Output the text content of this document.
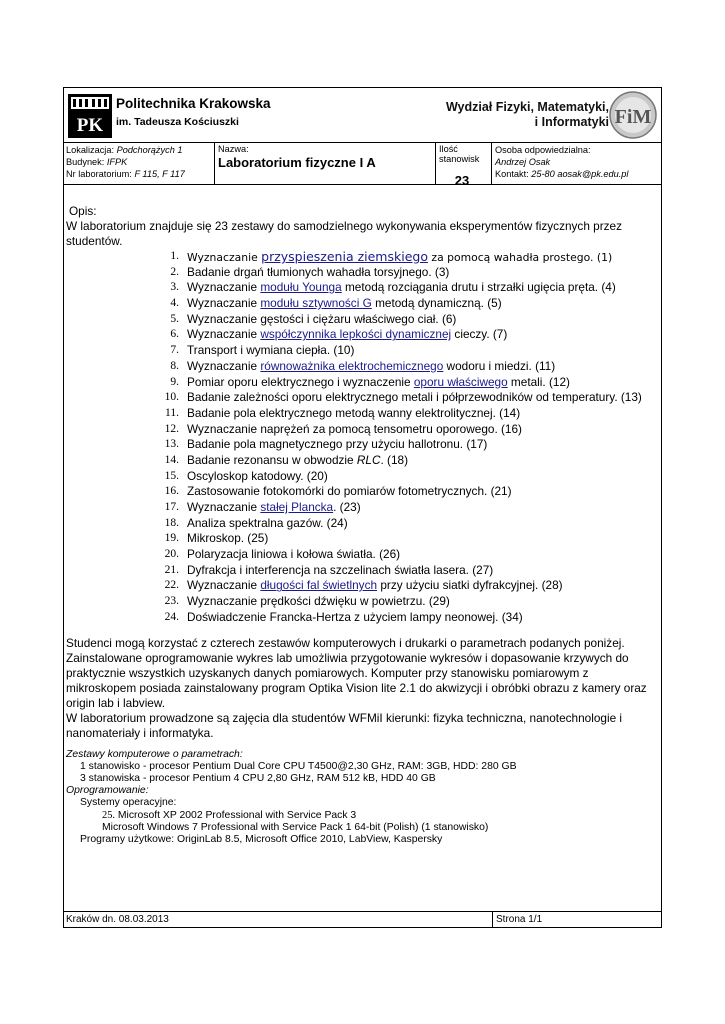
PK
Politechnika Krakowska
im. Tadeusza Kościuszki
Wydział Fizyki, Matematyki,
i Informatyki FiM
Lokalizacja: Podchorążych 1
Budynek: IFPK
Nr laboratorium: F 115, F 117
Nazwa:
Laboratorium fizyczne I A
Ilość stanowisk
23
Osoba odpowiedzialna:
Andrzej Osak
Kontakt: 25-80 aosak@pk.edu.pl
Opis:
W laboratorium znajduje się 23 zestawy do samodzielnego wykonywania eksperymentów fizycznych przez studentów.
1. Wyznaczanie przyspieszenia ziemskiego za pomocą wahadła prostego. (1)
2. Badanie drgań tłumionych wahadła torsyjnego. (3)
3. Wyznaczanie modułu Younga metodą rozciągania drutu i strzałki ugięcia pręta. (4)
4. Wyznaczanie modułu sztywności G metodą dynamiczną. (5)
5. Wyznaczanie gęstości i ciężaru właściwego ciał. (6)
6. Wyznaczanie współczynnika lepkości dynamicznej cieczy. (7)
7. Transport i wymiana ciepła. (10)
8. Wyznaczanie równoważnika elektrochemicznego wodoru i miedzi. (11)
9. Pomiar oporu elektrycznego i wyznaczenie oporu właściwego metali. (12)
10. Badanie zależności oporu elektrycznego metali i półprzewodników od temperatury. (13)
11. Badanie pola elektrycznego metodą wanny elektrolitycznej. (14)
12. Wyznaczanie naprężeń za pomocą tensometru oporowego. (16)
13. Badanie pola magnetycznego przy użyciu hallotronu. (17)
14. Badanie rezonansu w obwodzie RLC. (18)
15. Oscyloskop katodowy. (20)
16. Zastosowanie fotokomórki do pomiarów fotometrycznych. (21)
17. Wyznaczanie stałej Plancka. (23)
18. Analiza spektralna gazów. (24)
19. Mikroskop. (25)
20. Polaryzacja liniowa i kołowa światła. (26)
21. Dyfrakcja i interferencja na szczelinach światła lasera. (27)
22. Wyznaczanie długości fal świetlnych przy użyciu siatki dyfrakcyjnej. (28)
23. Wyznaczanie prędkości dźwięku w powietrzu. (29)
24. Doświadczenie Francka-Hertza z użyciem lampy neonowej. (34)
Studenci mogą korzystać z czterech zestawów komputerowych i drukarki o parametrach podanych poniżej. Zainstalowane oprogramowanie wykres lab umożliwia przygotowanie wykresów i dopasowanie krzywych do praktycznie wszystkich uzyskanych danych pomiarowych. Komputer przy stanowisku pomiarowym z mikroskopem posiada zainstalowany program Optika Vision lite 2.1 do akwizycji i obróbki obrazu z kamery oraz origin lab i labview.
W laboratorium prowadzone są zajęcia dla studentów WFMiI kierunki: fizyka techniczna, nanotechnologie i nanomateriały i informatyka.
Zestawy komputerowe o parametrach:
1 stanowisko - procesor Pentium Dual Core CPU T4500@2,30 GHz, RAM: 3GB, HDD: 280 GB
3 stanowiska - procesor Pentium 4 CPU 2,80 GHz, RAM 512 kB, HDD 40 GB
Oprogramowanie:
Systemy operacyjne:
25. Microsoft XP 2002 Professional with Service Pack 3
Microsoft Windows 7 Professional with Service Pack 1 64-bit (Polish) (1 stanowisko)
Programy użytkowe: OriginLab 8.5, Microsoft Office 2010, LabView, Kaspersky
Kraków dn. 08.03.2013	Strona 1/1
